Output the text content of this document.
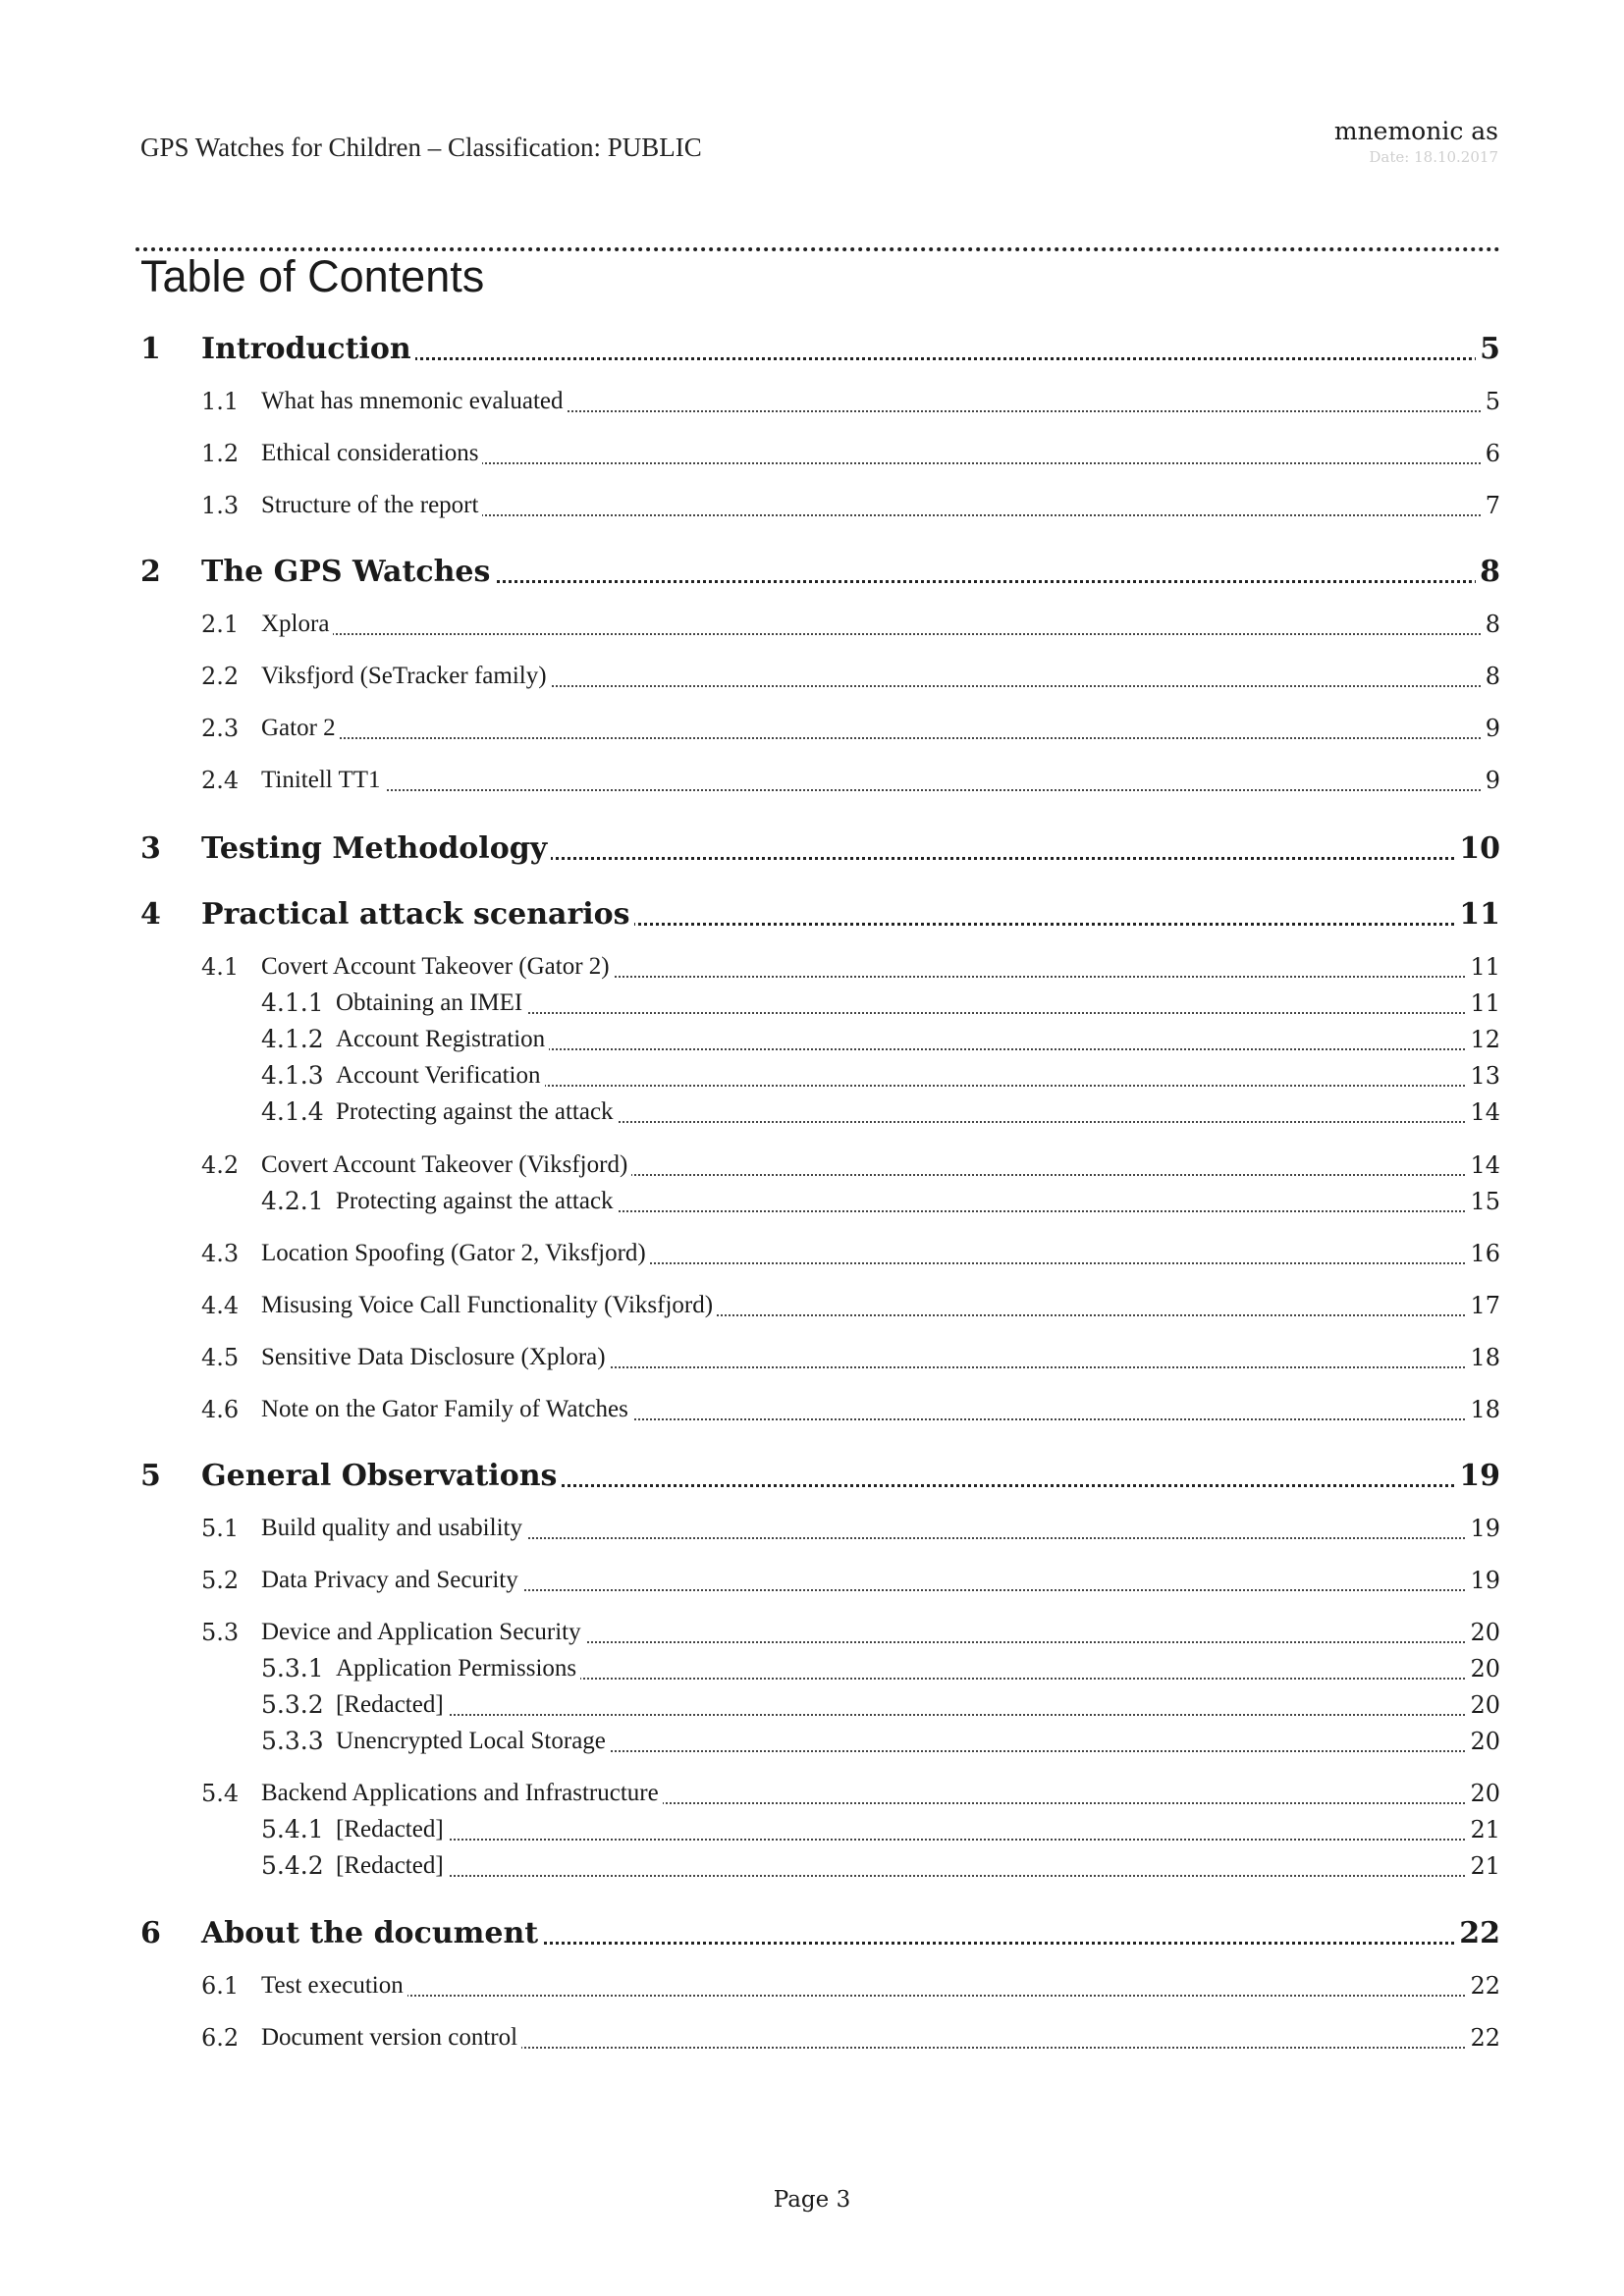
GPS Watches for Children – Classification: PUBLIC
mnemonic as
Date: 18.10.2017
Table of Contents
1 Introduction	5
1.1 What has mnemonic evaluated	5
1.2 Ethical considerations	6
1.3 Structure of the report	7
2 The GPS Watches	8
2.1 Xplora	8
2.2 Viksfjord (SeTracker family)	8
2.3 Gator 2	9
2.4 Tinitell TT1	9
3 Testing Methodology	10
4 Practical attack scenarios	11
4.1 Covert Account Takeover (Gator 2)	11
4.1.1 Obtaining an IMEI	11
4.1.2 Account Registration	12
4.1.3 Account Verification	13
4.1.4 Protecting against the attack	14
4.2 Covert Account Takeover (Viksfjord)	14
4.2.1 Protecting against the attack	15
4.3 Location Spoofing (Gator 2, Viksfjord)	16
4.4 Misusing Voice Call Functionality (Viksfjord)	17
4.5 Sensitive Data Disclosure (Xplora)	18
4.6 Note on the Gator Family of Watches	18
5 General Observations	19
5.1 Build quality and usability	19
5.2 Data Privacy and Security	19
5.3 Device and Application Security	20
5.3.1 Application Permissions	20
5.3.2 [Redacted]	20
5.3.3 Unencrypted Local Storage	20
5.4 Backend Applications and Infrastructure	20
5.4.1 [Redacted]	21
5.4.2 [Redacted]	21
6 About the document	22
6.1 Test execution	22
6.2 Document version control	22
Page 3
